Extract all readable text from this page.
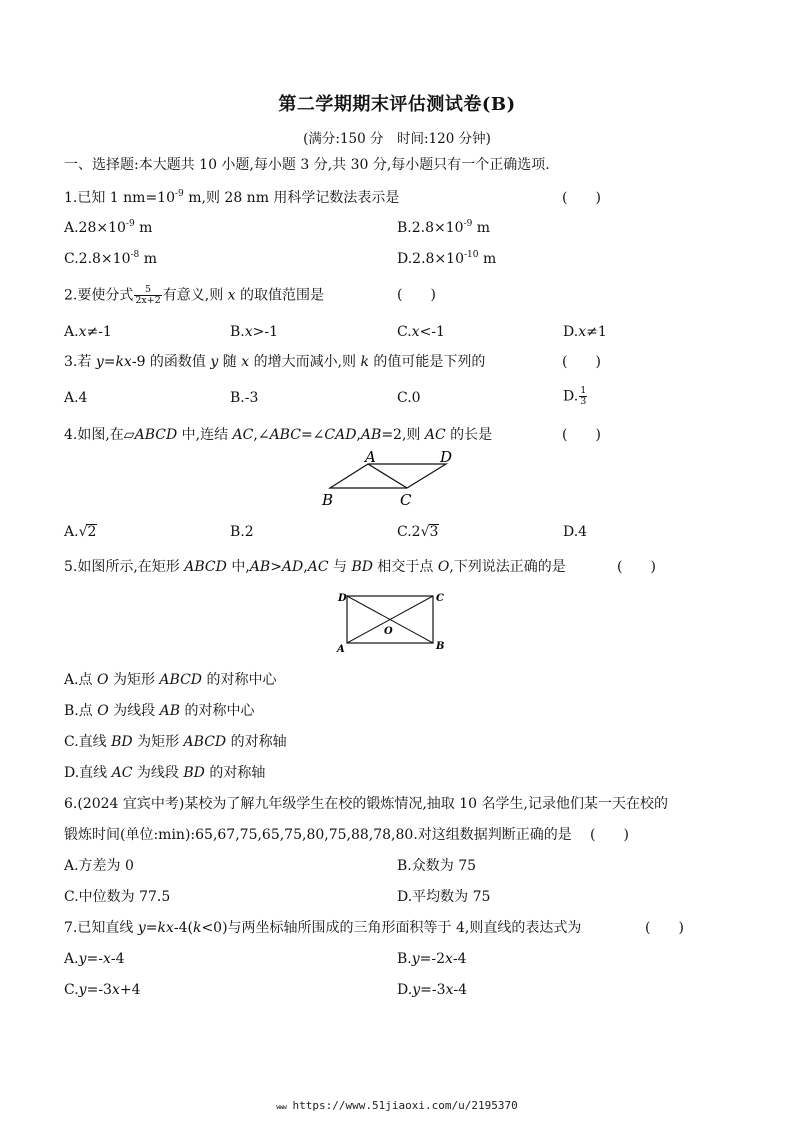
第二学期期末评估测试卷(B)
(满分:150 分　时间:120 分钟)
一、选择题:本大题共 10 小题,每小题 3 分,共 30 分,每小题只有一个正确选项.
1.已知 1 $nm=10^{-9}$ m,则 28 nm 用科学记数法表示是	(　　)
$A.28\times 10^{-9}$ m	$B.2.8\times 10^{-9}$ m
$C.2.8\times 10^{-8}$ m	$D.2.8\times 10^{-10}$ m
2.要使分式 $\frac{5}{2x+2}$ 有意义,则 x 的取值范围是	(　　)
A.x≠-1	B.x>-1	C.x<-1	D.x≠1
3.若 y=kx-9 的函数值 y 随 x 的增大而减小,则 k 的值可能是下列的	(　　)
A.4	B.-3	C.0	D. $\frac{1}{3}$
4.如图,在▱ABCD 中,连结 AC,∠ABC=∠CAD,AB=2,则 AC 的长是	(　　)
A	D
B	C
A.√2	B.2	C.2√3	D.4
5.如图所示,在矩形 ABCD 中,AB>AD,AC 与 BD 相交于点 O,下列说法正确的是	(　　)
D	C
A	B
O
A.点 O 为矩形 ABCD 的对称中心
B.点 O 为线段 AB 的对称中心
C.直线 BD 为矩形 ABCD 的对称轴
D.直线 AC 为线段 BD 的对称轴
6.(2024 宜宾中考)某校为了解九年级学生在校的锻炼情况,抽取 10 名学生,记录他们某一天在校的
锻炼时间(单位:min):65,67,75,65,75,80,75,88,78,80.对这组数据判断正确的是 (　　)
A.方差为 0	B.众数为 75
C.中位数为 77.5	D.平均数为 75
7.已知直线 y=kx-4(k<0)与两坐标轴所围成的三角形面积等于 4,则直线的表达式为	(　　)
A.y=-x-4	B.y=-2x-4
C.y=-3x+4	D.y=-3x-4
www https://www.51jiaoxi.com/u/2195370
